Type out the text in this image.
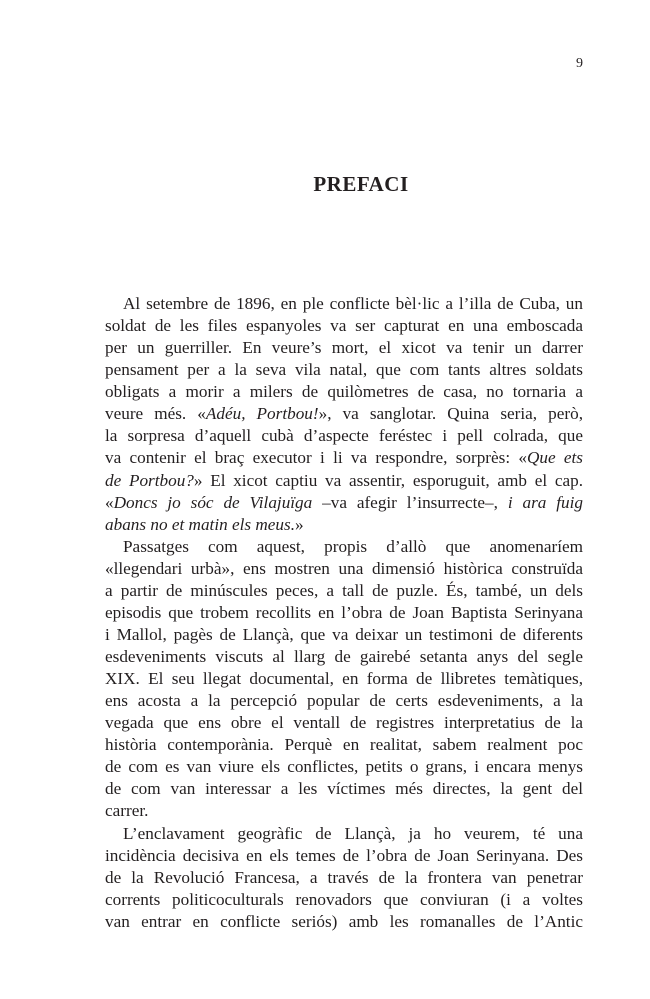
9
PREFACI
Al setembre de 1896, en ple conflicte bèl·lic a l’illa de Cuba, un
soldat de les files espanyoles va ser capturat en una emboscada
per un guerriller. En veure’s mort, el xicot va tenir un darrer
pensament per a la seva vila natal, que com tants altres soldats
obligats a morir a milers de quilòmetres de casa, no tornaria a
veure més. «Adéu, Portbou!», va sanglotar. Quina seria, però,
la sorpresa d’aquell cubà d’aspecte feréstec i pell colrada, que
va contenir el braç executor i li va respondre, sorprès: «Que ets
de Portbou?» El xicot captiu va assentir, esporuguit, amb el cap.
«Doncs jo sóc de Vilajuïga –va afegir l’insurrecte–, i ara fuig
abans no et matin els meus.»
Passatges com aquest, propis d’allò que anomenaríem
«llegendari urbà», ens mostren una dimensió històrica construïda
a partir de minúscules peces, a tall de puzle. És, també, un dels
episodis que trobem recollits en l’obra de Joan Baptista Serinyana
i Mallol, pagès de Llançà, que va deixar un testimoni de diferents
esdeveniments viscuts al llarg de gairebé setanta anys del segle
XIX. El seu llegat documental, en forma de llibretes temàtiques,
ens acosta a la percepció popular de certs esdeveniments, a la
vegada que ens obre el ventall de registres interpretatius de la
història contemporània. Perquè en realitat, sabem realment poc
de com es van viure els conflictes, petits o grans, i encara menys
de com van interessar a les víctimes més directes, la gent del
carrer.
L’enclavament geogràfic de Llançà, ja ho veurem, té una
incidència decisiva en els temes de l’obra de Joan Serinyana. Des
de la Revolució Francesa, a través de la frontera van penetrar
corrents politicoculturals renovadors que conviuran (i a voltes
van entrar en conflicte seriós) amb les romanalles de l’Antic
